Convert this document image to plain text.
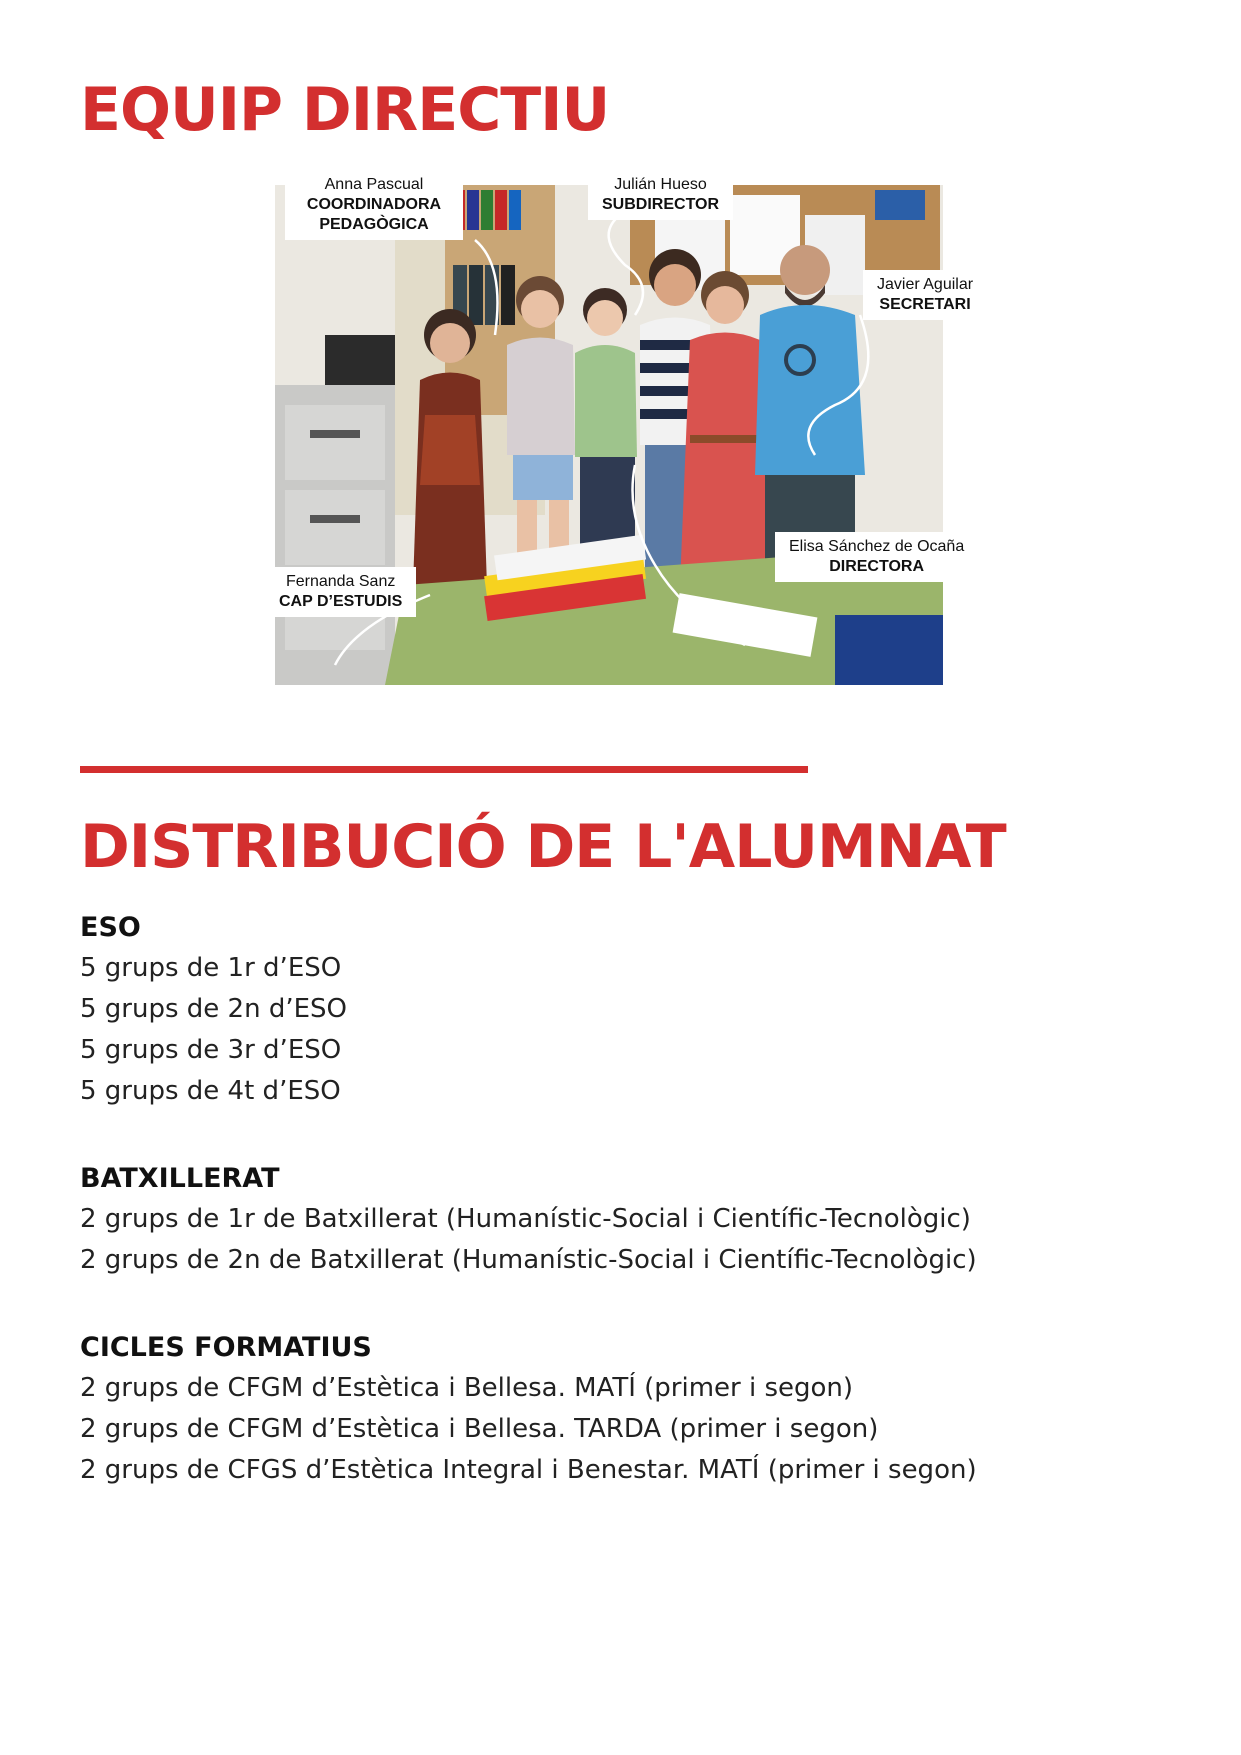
EQUIP DIRECTIU
Anna Pascual
COORDINADORA PEDAGÒGICA
Julián Hueso
SUBDIRECTOR
Javier Aguilar
SECRETARI
Fernanda Sanz
CAP D’ESTUDIS
Elisa Sánchez de Ocaña
DIRECTORA
DISTRIBUCIÓ DE L'ALUMNAT
ESO
5 grups de 1r d’ESO
5 grups de 2n d’ESO
5 grups de 3r d’ESO
5 grups de 4t d’ESO
BATXILLERAT
2 grups de 1r de Batxillerat (Humanístic-Social i Científic-Tecnològic)
2 grups de 2n de Batxillerat (Humanístic-Social i Científic-Tecnològic)
CICLES FORMATIUS
2 grups de CFGM d’Estètica i Bellesa. MATÍ (primer i segon)
2 grups de CFGM d’Estètica i Bellesa. TARDA (primer i segon)
2 grups de CFGS d’Estètica Integral i Benestar. MATÍ (primer i segon)
